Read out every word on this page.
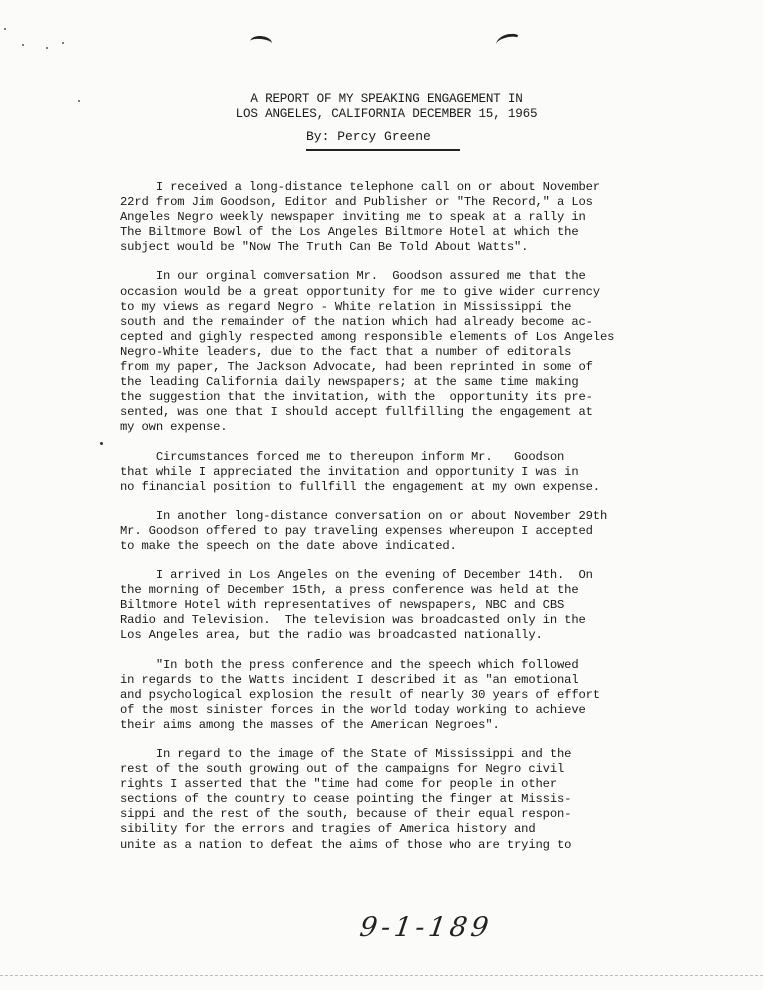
A REPORT OF MY SPEAKING ENGAGEMENT IN
LOS ANGELES, CALIFORNIA DECEMBER 15, 1965
By: Percy Greene
I received a long-distance telephone call on or about November
22rd from Jim Goodson, Editor and Publisher or "The Record," a Los
Angeles Negro weekly newspaper inviting me to speak at a rally in
The Biltmore Bowl of the Los Angeles Biltmore Hotel at which the
subject would be "Now The Truth Can Be Told About Watts".
In our orginal comversation Mr.  Goodson assured me that the
occasion would be a great opportunity for me to give wider currency
to my views as regard Negro - White relation in Mississippi the
south and the remainder of the nation which had already become ac-
cepted and gighly respected among responsible elements of Los Angeles
Negro-White leaders, due to the fact that a number of editorals
from my paper, The Jackson Advocate, had been reprinted in some of
the leading California daily newspapers; at the same time making
the suggestion that the invitation, with the  opportunity its pre-
sented, was one that I should accept fullfilling the engagement at
my own expense.
Circumstances forced me to thereupon inform Mr.   Goodson
that while I appreciated the invitation and opportunity I was in
no financial position to fullfill the engagement at my own expense.
In another long-distance conversation on or about November 29th
Mr. Goodson offered to pay traveling expenses whereupon I accepted
to make the speech on the date above indicated.
I arrived in Los Angeles on the evening of December 14th.  On
the morning of December 15th, a press conference was held at the
Biltmore Hotel with representatives of newspapers, NBC and CBS
Radio and Television.  The television was broadcasted only in the
Los Angeles area, but the radio was broadcasted nationally.
"In both the press conference and the speech which followed
in regards to the Watts incident I described it as "an emotional
and psychological explosion the result of nearly 30 years of effort
of the most sinister forces in the world today working to achieve
their aims among the masses of the American Negroes".
In regard to the image of the State of Mississippi and the
rest of the south growing out of the campaigns for Negro civil
rights I asserted that the "time had come for people in other
sections of the country to cease pointing the finger at Missis-
sippi and the rest of the south, because of their equal respon-
sibility for the errors and tragies of America history and
unite as a nation to defeat the aims of those who are trying to
9-1-189
